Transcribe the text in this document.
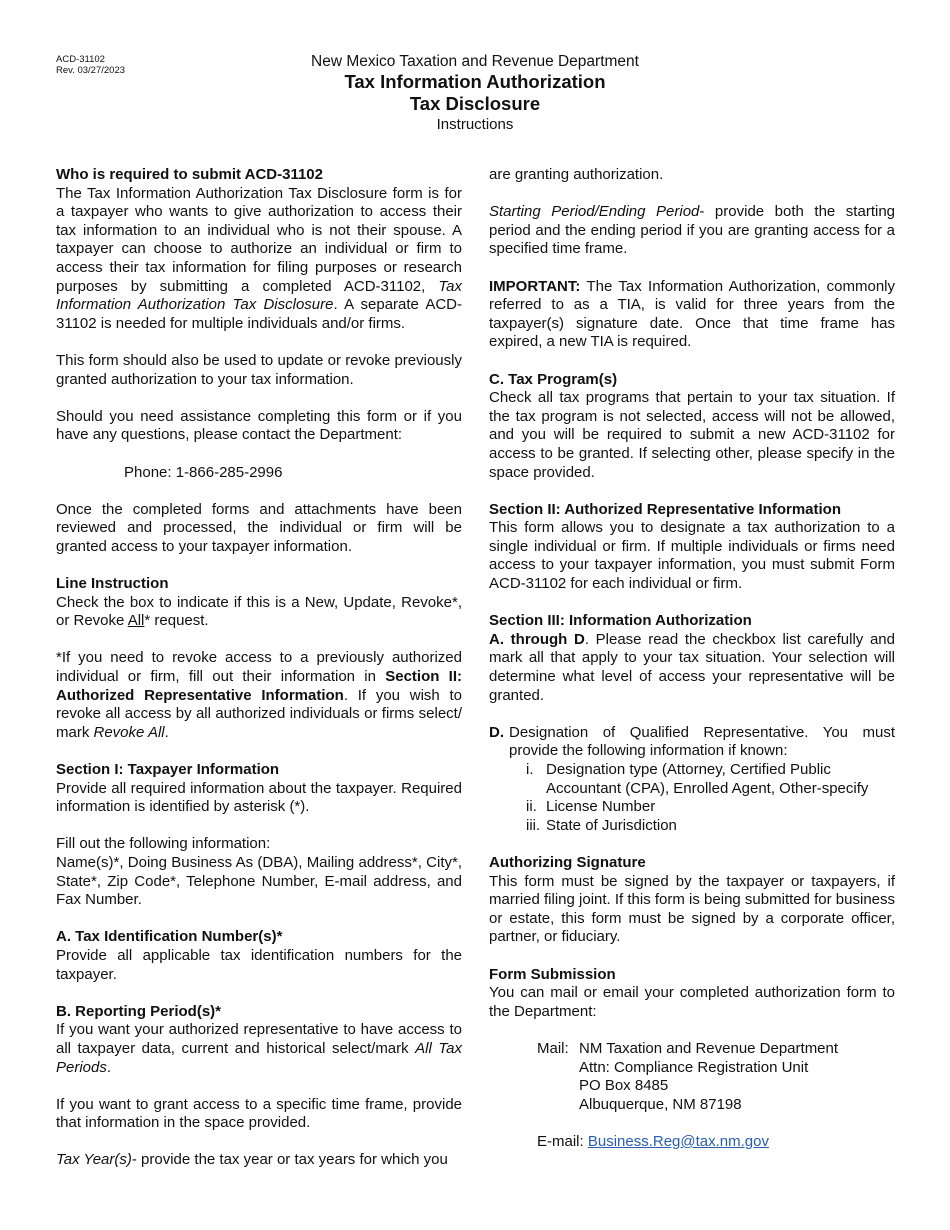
ACD-31102
Rev. 03/27/2023
New Mexico Taxation and Revenue Department
Tax Information Authorization
Tax Disclosure
Instructions
Who is required to submit ACD-31102

The Tax Information Authorization Tax Disclosure form is for a taxpayer who wants to give authorization to access their tax information to an individual who is not their spouse. A taxpayer can choose to authorize an individual or firm to access their tax information for filing purposes or research purposes by submitting a completed ACD-31102, Tax Information Authorization Tax Disclosure. A separate ACD-31102 is needed for multiple individuals and/or firms.

This form should also be used to update or revoke previously granted authorization to your tax information.

Should you need assistance completing this form or if you have any questions, please contact the Department:

Phone: 1-866-285-2996

Once the completed forms and attachments have been reviewed and processed, the individual or firm will be granted access to your taxpayer information.

Line Instruction

Check the box to indicate if this is a New, Update, Revoke*, or Revoke All* request.

*If you need to revoke access to a previously authorized individual or firm, fill out their information in Section II: Authorized Representative Information. If you wish to revoke all access by all authorized individuals or firms select/ mark Revoke All.

Section I: Taxpayer Information

Provide all required information about the taxpayer. Required information is identified by asterisk (*).

Fill out the following information:
Name(s)*, Doing Business As (DBA), Mailing address*, City*, State*, Zip Code*, Telephone Number, E-mail address, and Fax Number.

A. Tax Identification Number(s)*

Provide all applicable tax identification numbers for the taxpayer.

B. Reporting Period(s)*

If you want your authorized representative to have access to all taxpayer data, current and historical select/mark All Tax Periods.

If you want to grant access to a specific time frame, provide that information in the space provided.

Tax Year(s)- provide the tax year or tax years for which you

are granting authorization.

Starting Period/Ending Period- provide both the starting period and the ending period if you are granting access for a specified time frame.

IMPORTANT: The Tax Information Authorization, commonly referred to as a TIA, is valid for three years from the taxpayer(s) signature date. Once that time frame has expired, a new TIA is required.

C. Tax Program(s)

Check all tax programs that pertain to your tax situation. If the tax program is not selected, access will not be allowed, and you will be required to submit a new ACD-31102 for access to be granted. If selecting other, please specify in the space provided.

Section II: Authorized Representative Information

This form allows you to designate a tax authorization to a single individual or firm. If multiple individuals or firms need access to your taxpayer information, you must submit Form ACD-31102 for each individual or firm.

Section III: Information Authorization

A. through D. Please read the checkbox list carefully and mark all that apply to your tax situation. Your selection will determine what level of access your representative will be granted.

D. Designation of Qualified Representative. You must provide the following information if known:
i. Designation type (Attorney, Certified Public Accountant (CPA), Enrolled Agent, Other-specify
ii. License Number
iii. State of Jurisdiction
Authorizing Signature

This form must be signed by the taxpayer or taxpayers, if married filing joint. If this form is being submitted for business or estate, this form must be signed by a corporate officer, partner, or fiduciary.

Form Submission

You can mail or email your completed authorization form to the Department:

Mail: NM Taxation and Revenue Department
Attn: Compliance Registration Unit
PO Box 8485
Albuquerque, NM 87198
E-mail: Business.Reg@tax.nm.gov
